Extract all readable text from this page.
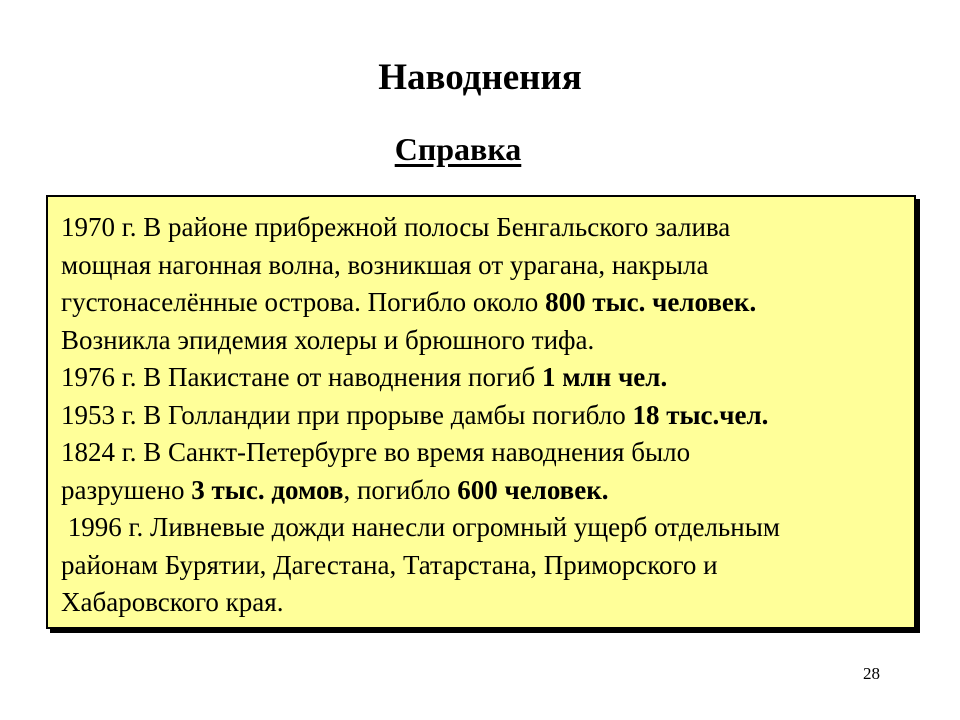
Наводнения
Справка

1970 г. В районе прибрежной полосы Бенгальского залива
мощная нагонная волна, возникшая от урагана, накрыла
густонаселённые острова. Погибло около 800 тыс. человек.
Возникла эпидемия холеры и брюшного тифа.

1976 г. В Пакистане от наводнения погиб 1 млн чел.

1953 г. В Голландии при прорыве дамбы погибло 18 тыс.чел.

1824 г. В Санкт-Петербурге во время наводнения было
разрушено 3 тыс. домов, погибло 600 человек.

1996 г. Ливневые дожди нанесли огромный ущерб отдельным
районам Бурятии, Дагестана, Татарстана, Приморского и
Хабаровского края.

28
